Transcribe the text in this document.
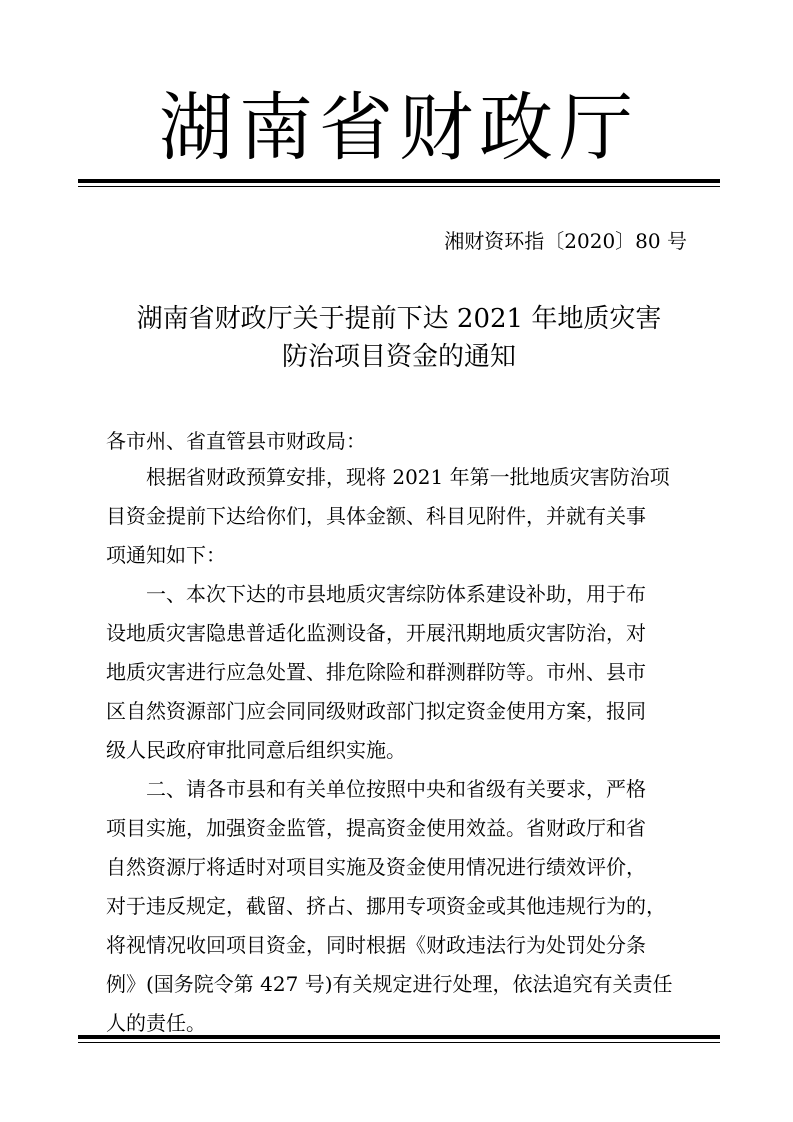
湖南省财政厅
湘财资环指〔2020〕80 号
湖南省财政厅关于提前下达 2021 年地质灾害
防治项目资金的通知
各市州、省直管县市财政局：
根据省财政预算安排，现将 2021 年第一批地质灾害防治项
目资金提前下达给你们，具体金额、科目见附件，并就有关事
项通知如下：
一、本次下达的市县地质灾害综防体系建设补助，用于布
设地质灾害隐患普适化监测设备，开展汛期地质灾害防治，对
地质灾害进行应急处置、排危除险和群测群防等。市州、县市
区自然资源部门应会同同级财政部门拟定资金使用方案，报同
级人民政府审批同意后组织实施。
二、请各市县和有关单位按照中央和省级有关要求，严格
项目实施，加强资金监管，提高资金使用效益。省财政厅和省
自然资源厅将适时对项目实施及资金使用情况进行绩效评价，
对于违反规定，截留、挤占、挪用专项资金或其他违规行为的，
将视情况收回项目资金，同时根据《财政违法行为处罚处分条
例》(国务院令第 427 号)有关规定进行处理，依法追究有关责任
人的责任。
